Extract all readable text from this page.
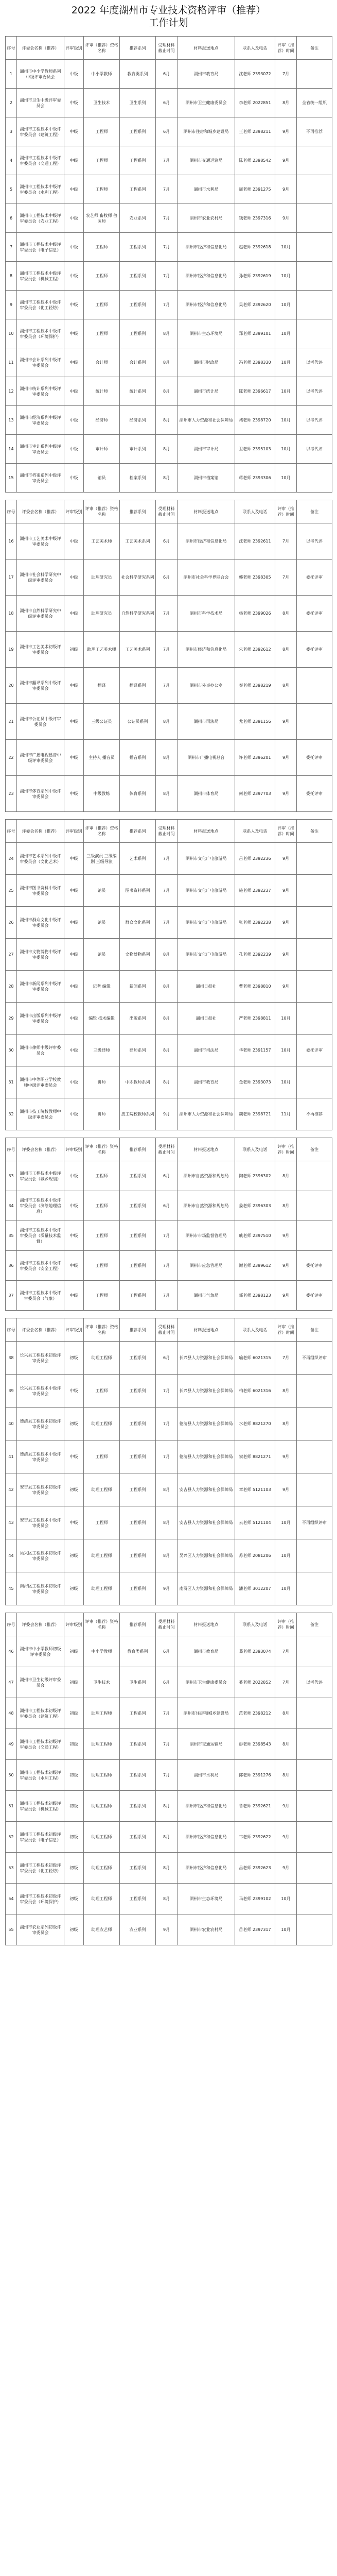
2022 年度湖州市专业技术资格评审（推荐）
工作计划
序号	评委会名称（推荐）	评审级别	评审（推荐）资格名称	推荐系列	受理材料截止时间	材料报送地点	联系人及电话	评审（推荐）时间	备注
1	湖州市中小学教师系列中级评审委员会	中级	中小学教师	教育类系列	6月	湖州市教育局	沈老师 2393072	7月	
2	湖州市卫生中级评审委员会	中级	卫生技术	卫生系列	6月	湖州市卫生健康委员会	李老师 2022851	8月	全省统一组织
3	湖州市工程技术中级评审委员会（建筑工程）	中级	工程师	工程系列	6月	湖州市住房和城乡建设局	王老师 2398211	9月	不再推荐
4	湖州市工程技术中级评审委员会（交通工程）	中级	工程师	工程系列	7月	湖州市交通运输局	陈老师 2398542	9月	
5	湖州市工程技术中级评审委员会（水利工程）	中级	工程师	工程系列	7月	湖州市水利局	周老师 2391275	9月	
6	湖州市工程技术中级评审委员会（农业工程）	中级	农艺师 畜牧师 兽医师	农业系列	7月	湖州市农业农村局	钱老师 2397316	9月	
7	湖州市工程技术中级评审委员会（电子信息）	中级	工程师	工程系列	7月	湖州市经济和信息化局	赵老师 2392618	10月	
8	湖州市工程技术中级评审委员会（机械工程）	中级	工程师	工程系列	7月	湖州市经济和信息化局	孙老师 2392619	10月	
9	湖州市工程技术中级评审委员会（化工轻纺）	中级	工程师	工程系列	7月	湖州市经济和信息化局	吴老师 2392620	10月	
10	湖州市工程技术中级评审委员会（环境保护）	中级	工程师	工程系列	8月	湖州市生态环境局	郑老师 2399101	10月	
11	湖州市会计系列中级评审委员会	中级	会计师	会计系列	8月	湖州市财政局	冯老师 2398330	10月	以考代评
12	湖州市统计系列中级评审委员会	中级	统计师	统计系列	8月	湖州市统计局	陈老师 2396617	10月	以考代评
13	湖州市经济系列中级评审委员会	中级	经济师	经济系列	8月	湖州市人力资源和社会保障局	褚老师 2398720	10月	以考代评
14	湖州市审计系列中级评审委员会	中级	审计师	审计系列	8月	湖州市审计局	卫老师 2395103	10月	以考代评
15	湖州市档案系列中级评审委员会	中级	馆员	档案系列	8月	湖州市档案馆	蒋老师 2393306	10月	
序号	评委会名称（推荐）	评审级别	评审（推荐）资格名称	推荐系列	受理材料截止时间	材料报送地点	联系人及电话	评审（推荐）时间	备注
16	湖州市工艺美术中级评审委员会	中级	工艺美术师	工艺美术系列	6月	湖州市经济和信息化局	沈老师 2392611	7月	以考代评
17	湖州市社会科学研究中级评审委员会	中级	助理研究员	社会科学研究系列	6月	湖州市社会科学界联合会	韩老师 2398305	7月	委托评审
18	湖州市自然科学研究中级评审委员会	中级	助理研究员	自然科学研究系列	7月	湖州市科学技术局	杨老师 2399026	8月	委托评审
19	湖州市工艺美术初级评审委员会	初级	助理工艺美术师	工艺美术系列	7月	湖州市经济和信息化局	朱老师 2392612	8月	委托评审
20	湖州市翻译系列中级评审委员会	中级	翻译	翻译系列	7月	湖州市外事办公室	秦老师 2398219	8月	
21	湖州市公证员中级评审委员会	中级	三级公证员	公证员系列	8月	湖州市司法局	尤老师 2391156	9月	
22	湖州市广播电视播音中级评审委员会	中级	主持人 播音员	播音系列	8月	湖州市广播电视总台	许老师 2396201	9月	委托评审
23	湖州市体育系列中级评审委员会	中级	中级教练	体育系列	8月	湖州市体育局	何老师 2397703	9月	委托评审
序号	评委会名称（推荐）	评审级别	评审（推荐）资格名称	推荐系列	受理材料截止时间	材料报送地点	联系人及电话	评审（推荐）时间	备注
24	湖州市艺术系列中级评审委员会（文化艺术）	中级	三级演员 三级编剧 三级导演	艺术系列	7月	湖州市文化广电旅游局	吕老师 2392236	9月	
25	湖州市图书资料中级评审委员会	中级	馆员	图书资料系列	7月	湖州市文化广电旅游局	施老师 2392237	9月	
26	湖州市群众文化中级评审委员会	中级	馆员	群众文化系列	7月	湖州市文化广电旅游局	张老师 2392238	9月	
27	湖州市文物博物中级评审委员会	中级	馆员	文物博物系列	8月	湖州市文化广电旅游局	孔老师 2392239	9月	
28	湖州市新闻系列中级评审委员会	中级	记者 编辑	新闻系列	8月	湖州日报社	曹老师 2398810	9月	
29	湖州市出版系列中级评审委员会	中级	编辑 技术编辑	出版系列	8月	湖州日报社	严老师 2398811	10月	
30	湖州市律师中级评审委员会	中级	三级律师	律师系列	8月	湖州市司法局	华老师 2391157	10月	委托评审
31	湖州市中等职业学校教师中级评审委员会	中级	讲师	中职教师系列	8月	湖州市教育局	金老师 2393073	10月	
32	湖州市技工院校教师中级评审委员会	中级	讲师	技工院校教师系列	9月	湖州市人力资源和社会保障局	魏老师 2398721	11月	不再推荐
序号	评委会名称（推荐）	评审级别	评审（推荐）资格名称	推荐系列	受理材料截止时间	材料报送地点	联系人及电话	评审（推荐）时间	备注
33	湖州市工程技术中级评审委员会（城乡规划）	中级	工程师	工程系列	6月	湖州市自然资源和规划局	陶老师 2396302	8月	
34	湖州市工程技术中级评审委员会（测绘地理信息）	中级	工程师	工程系列	6月	湖州市自然资源和规划局	姜老师 2396303	8月	
35	湖州市工程技术中级评审委员会（质量技术监督）	中级	工程师	工程系列	7月	湖州市市场监督管理局	戚老师 2397510	9月	
36	湖州市工程技术中级评审委员会（安全工程）	中级	工程师	工程系列	7月	湖州市应急管理局	谢老师 2399612	9月	委托评审
37	湖州市工程技术中级评审委员会（气象）	中级	工程师	工程系列	7月	湖州市气象局	邹老师 2398123	9月	委托评审
序号	评委会名称（推荐）	评审级别	评审（推荐）资格名称	推荐系列	受理材料截止时间	材料报送地点	联系人及电话	评审（推荐）时间	备注
38	长兴县工程技术初级评审委员会	初级	助理工程师	工程系列	6月	长兴县人力资源和社会保障局	喻老师 6021315	7月	不再组织评审
39	长兴县工程技术中级评审委员会	中级	工程师	工程系列	7月	长兴县人力资源和社会保障局	柏老师 6021316	8月	
40	德清县工程技术初级评审委员会	初级	助理工程师	工程系列	7月	德清县人力资源和社会保障局	水老师 8821270	8月	
41	德清县工程技术中级评审委员会	中级	工程师	工程系列	7月	德清县人力资源和社会保障局	窦老师 8821271	9月	
42	安吉县工程技术初级评审委员会	初级	助理工程师	工程系列	8月	安吉县人力资源和社会保障局	章老师 5121103	9月	
43	安吉县工程技术中级评审委员会	中级	工程师	工程系列	8月	安吉县人力资源和社会保障局	云老师 5121104	10月	不再组织评审
44	吴兴区工程技术初级评审委员会	初级	助理工程师	工程系列	8月	吴兴区人力资源和社会保障局	苏老师 2081206	10月	
45	南浔区工程技术初级评审委员会	初级	助理工程师	工程系列	9月	南浔区人力资源和社会保障局	潘老师 3012207	10月	
序号	评委会名称（推荐）	评审级别	评审（推荐）资格名称	推荐系列	受理材料截止时间	材料报送地点	联系人及电话	评审（推荐）时间	备注
46	湖州市中小学教师初级评审委员会	初级	中小学教师	教育类系列	6月	湖州市教育局	葛老师 2393074	7月	
47	湖州市卫生初级评审委员会	初级	卫生技术	卫生系列	6月	湖州市卫生健康委员会	奚老师 2022852	7月	以考代评
48	湖州市工程技术初级评审委员会（建筑工程）	初级	助理工程师	工程系列	7月	湖州市住房和城乡建设局	范老师 2398212	8月	
49	湖州市工程技术初级评审委员会（交通工程）	初级	助理工程师	工程系列	7月	湖州市交通运输局	彭老师 2398543	8月	
50	湖州市工程技术初级评审委员会（水利工程）	初级	助理工程师	工程系列	7月	湖州市水利局	郎老师 2391276	8月	
51	湖州市工程技术初级评审委员会（机械工程）	初级	助理工程师	工程系列	8月	湖州市经济和信息化局	鲁老师 2392621	9月	
52	湖州市工程技术初级评审委员会（电子信息）	初级	助理工程师	工程系列	8月	湖州市经济和信息化局	韦老师 2392622	9月	
53	湖州市工程技术初级评审委员会（化工轻纺）	初级	助理工程师	工程系列	8月	湖州市经济和信息化局	昌老师 2392623	9月	
54	湖州市工程技术初级评审委员会（环境保护）	初级	助理工程师	工程系列	8月	湖州市生态环境局	马老师 2399102	10月	
55	湖州市农业系列初级评审委员会	初级	助理农艺师	农业系列	9月	湖州市农业农村局	苗老师 2397317	10月	
